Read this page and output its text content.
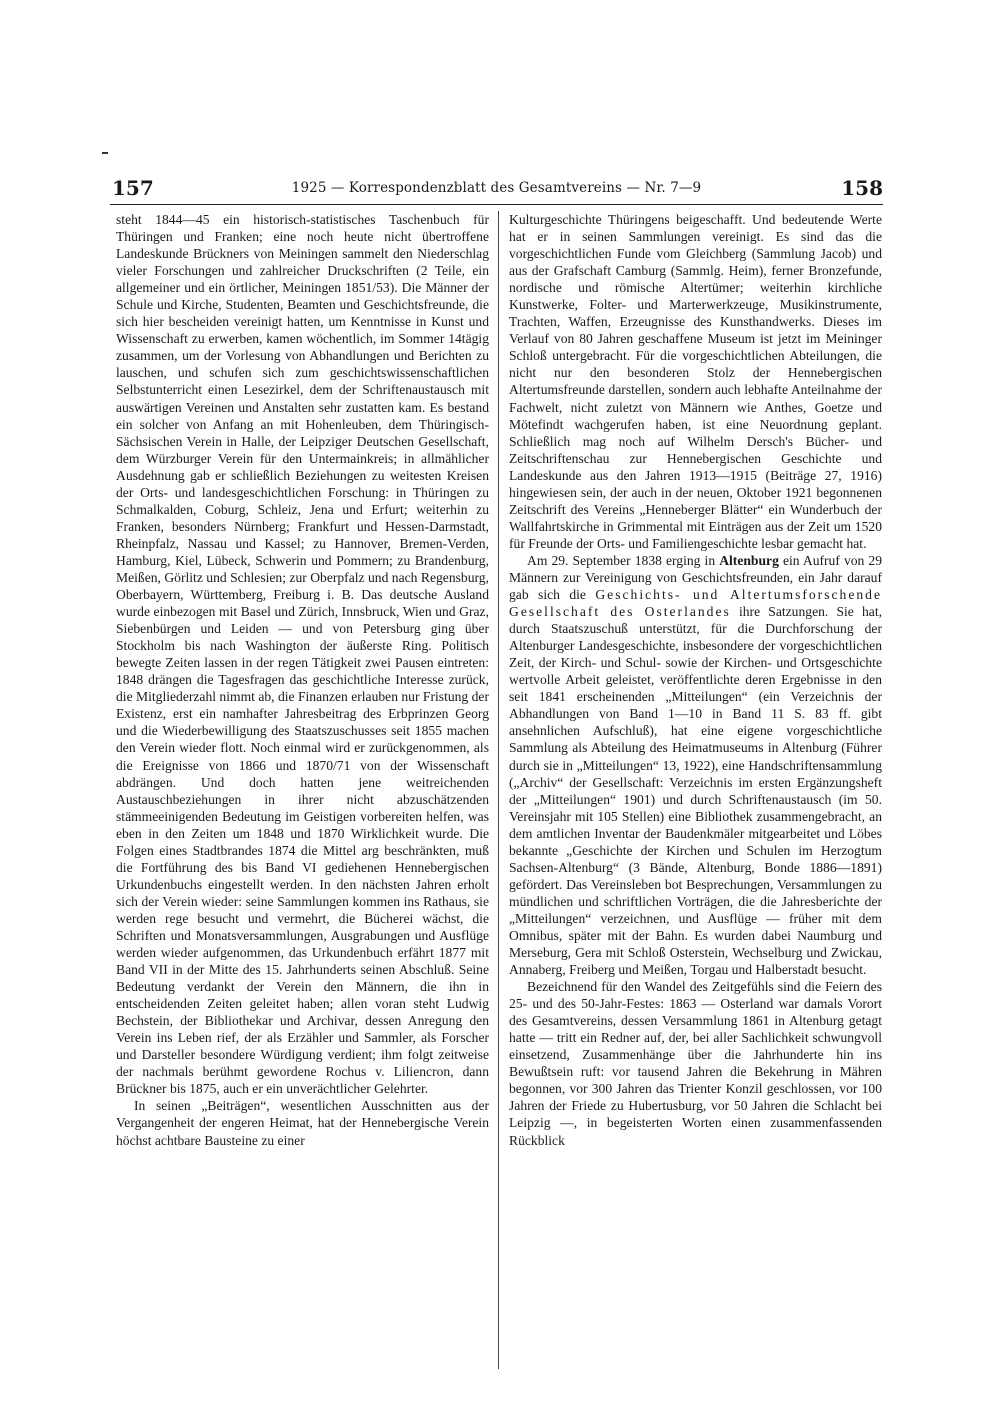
157	1925 — Korrespondenzblatt des Gesamtvereins — Nr. 7—9	158

steht 1844—45 ein historisch-statistisches Taschenbuch für Thüringen und Franken; eine noch heute nicht übertroffene Landeskunde Brückners von Meiningen sammelt den Niederschlag vieler Forschungen und zahlreicher Druckschriften (2 Teile, ein allgemeiner und ein örtlicher, Meiningen 1851/53). Die Männer der Schule und Kirche, Studenten, Beamten und Geschichtsfreunde, die sich hier bescheiden vereinigt hatten, um Kenntnisse in Kunst und Wissenschaft zu erwerben, kamen wöchentlich, im Sommer 14tägig zusammen, um der Vorlesung von Abhandlungen und Berichten zu lauschen, und schufen sich zum geschichtswissenschaftlichen Selbstunterricht einen Lesezirkel, dem der Schriftenaustausch mit auswärtigen Vereinen und Anstalten sehr zustatten kam. Es bestand ein solcher von Anfang an mit Hohenleuben, dem Thüringisch-Sächsischen Verein in Halle, der Leipziger Deutschen Gesellschaft, dem Würzburger Verein für den Untermainkreis; in allmählicher Ausdehnung gab er schließlich Beziehungen zu weitesten Kreisen der Orts- und landesgeschichtlichen Forschung: in Thüringen zu Schmalkalden, Coburg, Schleiz, Jena und Erfurt; weiterhin zu Franken, besonders Nürnberg; Frankfurt und Hessen-Darmstadt, Rheinpfalz, Nassau und Kassel; zu Hannover, Bremen-Verden, Hamburg, Kiel, Lübeck, Schwerin und Pommern; zu Brandenburg, Meißen, Görlitz und Schlesien; zur Oberpfalz und nach Regensburg, Oberbayern, Württemberg, Freiburg i. B. Das deutsche Ausland wurde einbezogen mit Basel und Zürich, Innsbruck, Wien und Graz, Siebenbürgen und Leiden — und von Petersburg ging über Stockholm bis nach Washington der äußerste Ring. Politisch bewegte Zeiten lassen in der regen Tätigkeit zwei Pausen eintreten: 1848 drängen die Tagesfragen das geschichtliche Interesse zurück, die Mitgliederzahl nimmt ab, die Finanzen erlauben nur Fristung der Existenz, erst ein namhafter Jahresbeitrag des Erbprinzen Georg und die Wiederbewilligung des Staatszuschusses seit 1855 machen den Verein wieder flott. Noch einmal wird er zurückgenommen, als die Ereignisse von 1866 und 1870/71 von der Wissenschaft abdrängen. Und doch hatten jene weitreichenden Austauschbeziehungen in ihrer nicht abzuschätzenden stämmeeinigenden Bedeutung im Geistigen vorbereiten helfen, was eben in den Zeiten um 1848 und 1870 Wirklichkeit wurde. Die Folgen eines Stadtbrandes 1874 die Mittel arg beschränkten, muß die Fortführung des bis Band VI gediehenen Hennebergischen Urkundenbuchs eingestellt werden. In den nächsten Jahren erholt sich der Verein wieder: seine Sammlungen kommen ins Rathaus, sie werden rege besucht und vermehrt, die Bücherei wächst, die Schriften und Monatsversammlungen, Ausgrabungen und Ausflüge werden wieder aufgenommen, das Urkundenbuch erfährt 1877 mit Band VII in der Mitte des 15. Jahrhunderts seinen Abschluß. Seine Bedeutung verdankt der Verein den Männern, die ihn in entscheidenden Zeiten geleitet haben; allen voran steht Ludwig Bechstein, der Bibliothekar und Archivar, dessen Anregung den Verein ins Leben rief, der als Erzähler und Sammler, als Forscher und Darsteller besondere Würdigung verdient; ihm folgt zeitweise der nachmals berühmt gewordene Rochus v. Liliencron, dann Brückner bis 1875, auch er ein unverächtlicher Gelehrter.

In seinen „Beiträgen“, wesentlichen Ausschnitten aus der Vergangenheit der engeren Heimat, hat der Hennebergische Verein höchst achtbare Bausteine zu einer

Kulturgeschichte Thüringens beigeschafft. Und bedeutende Werte hat er in seinen Sammlungen vereinigt. Es sind das die vorgeschichtlichen Funde vom Gleichberg (Sammlung Jacob) und aus der Grafschaft Camburg (Sammlg. Heim), ferner Bronzefunde, nordische und römische Altertümer; weiterhin kirchliche Kunstwerke, Folter- und Marterwerkzeuge, Musikinstrumente, Trachten, Waffen, Erzeugnisse des Kunsthandwerks. Dieses im Verlauf von 80 Jahren geschaffene Museum ist jetzt im Meininger Schloß untergebracht. Für die vorgeschichtlichen Abteilungen, die nicht nur den besonderen Stolz der Hennebergischen Altertumsfreunde darstellen, sondern auch lebhafte Anteilnahme der Fachwelt, nicht zuletzt von Männern wie Anthes, Goetze und Mötefindt wachgerufen haben, ist eine Neuordnung geplant. Schließlich mag noch auf Wilhelm Dersch's Bücher- und Zeitschriftenschau zur Hennebergischen Geschichte und Landeskunde aus den Jahren 1913—1915 (Beiträge 27, 1916) hingewiesen sein, der auch in der neuen, Oktober 1921 begonnenen Zeitschrift des Vereins „Henneberger Blätter“ ein Wunderbuch der Wallfahrtskirche in Grimmental mit Einträgen aus der Zeit um 1520 für Freunde der Orts- und Familiengeschichte lesbar gemacht hat.

Am 29. September 1838 erging in Altenburg ein Aufruf von 29 Männern zur Vereinigung von Geschichtsfreunden, ein Jahr darauf gab sich die Geschichts- und Altertumsforschende Gesellschaft des Osterlandes ihre Satzungen. Sie hat, durch Staatszuschuß unterstützt, für die Durchforschung der Altenburger Landesgeschichte, insbesondere der vorgeschichtlichen Zeit, der Kirch- und Schul- sowie der Kirchen- und Ortsgeschichte wertvolle Arbeit geleistet, veröffentlichte deren Ergebnisse in den seit 1841 erscheinenden „Mitteilungen“ (ein Verzeichnis der Abhandlungen von Band 1—10 in Band 11 S. 83 ff. gibt ansehnlichen Aufschluß), hat eine eigene vorgeschichtliche Sammlung als Abteilung des Heimatmuseums in Altenburg (Führer durch sie in „Mitteilungen“ 13, 1922), eine Handschriftensammlung („Archiv“ der Gesellschaft: Verzeichnis im ersten Ergänzungsheft der „Mitteilungen“ 1901) und durch Schriftenaustausch (im 50. Vereinsjahr mit 105 Stellen) eine Bibliothek zusammengebracht, an dem amtlichen Inventar der Baudenkmäler mitgearbeitet und Löbes bekannte „Geschichte der Kirchen und Schulen im Herzogtum Sachsen-Altenburg“ (3 Bände, Altenburg, Bonde 1886—1891) gefördert. Das Vereinsleben bot Besprechungen, Versammlungen zu mündlichen und schriftlichen Vorträgen, die die Jahresberichte der „Mitteilungen“ verzeichnen, und Ausflüge — früher mit dem Omnibus, später mit der Bahn. Es wurden dabei Naumburg und Merseburg, Gera mit Schloß Osterstein, Wechselburg und Zwickau, Annaberg, Freiberg und Meißen, Torgau und Halberstadt besucht.

Bezeichnend für den Wandel des Zeitgefühls sind die Feiern des 25- und des 50-Jahr-Festes: 1863 — Osterland war damals Vorort des Gesamtvereins, dessen Versammlung 1861 in Altenburg getagt hatte — tritt ein Redner auf, der, bei aller Sachlichkeit schwungvoll einsetzend, Zusammenhänge über die Jahrhunderte hin ins Bewußtsein ruft: vor tausend Jahren die Bekehrung in Mähren begonnen, vor 300 Jahren das Trienter Konzil geschlossen, vor 100 Jahren der Friede zu Hubertusburg, vor 50 Jahren die Schlacht bei Leipzig —, in begeisterten Worten einen zusammenfassenden Rückblick
